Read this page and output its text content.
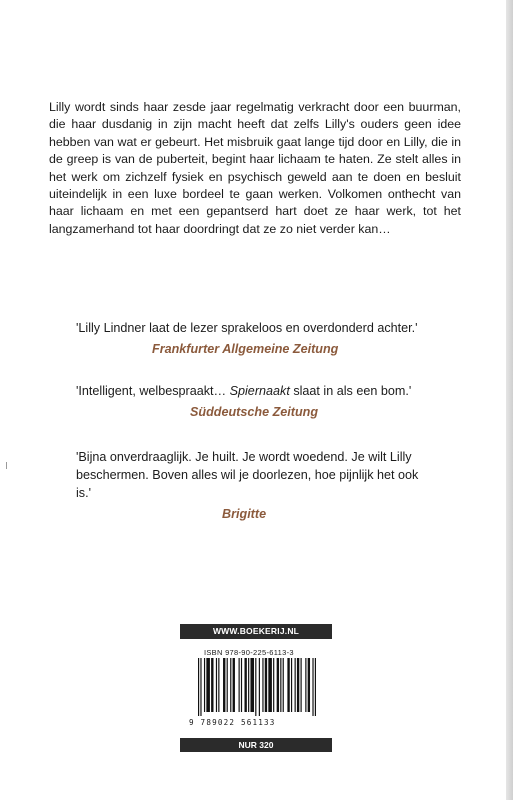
Lilly wordt sinds haar zesde jaar regelmatig verkracht door een buurman, die haar dusdanig in zijn macht heeft dat zelfs Lilly's ouders geen idee hebben van wat er gebeurt. Het misbruik gaat lange tijd door en Lilly, die in de greep is van de puberteit, begint haar lichaam te haten. Ze stelt alles in het werk om zichzelf fysiek en psychisch geweld aan te doen en besluit uiteindelijk in een luxe bordeel te gaan werken. Volkomen onthecht van haar lichaam en met een gepantserd hart doet ze haar werk, tot het langzamerhand tot haar doordringt dat ze zo niet verder kan…
'Lilly Lindner laat de lezer sprakeloos en overdonderd achter.'
Frankfurter Allgemeine Zeitung
'Intelligent, welbespraakt… Spiernaakt slaat in als een bom.'
Süddeutsche Zeitung
'Bijna onverdraaglijk. Je huilt. Je wordt woedend. Je wilt Lilly beschermen. Boven alles wil je doorlezen, hoe pijnlijk het ook is.'
Brigitte
WWW.BOEKERIJ.NL
ISBN 978-90-225-6113-3
9 789022 561133
NUR 320
